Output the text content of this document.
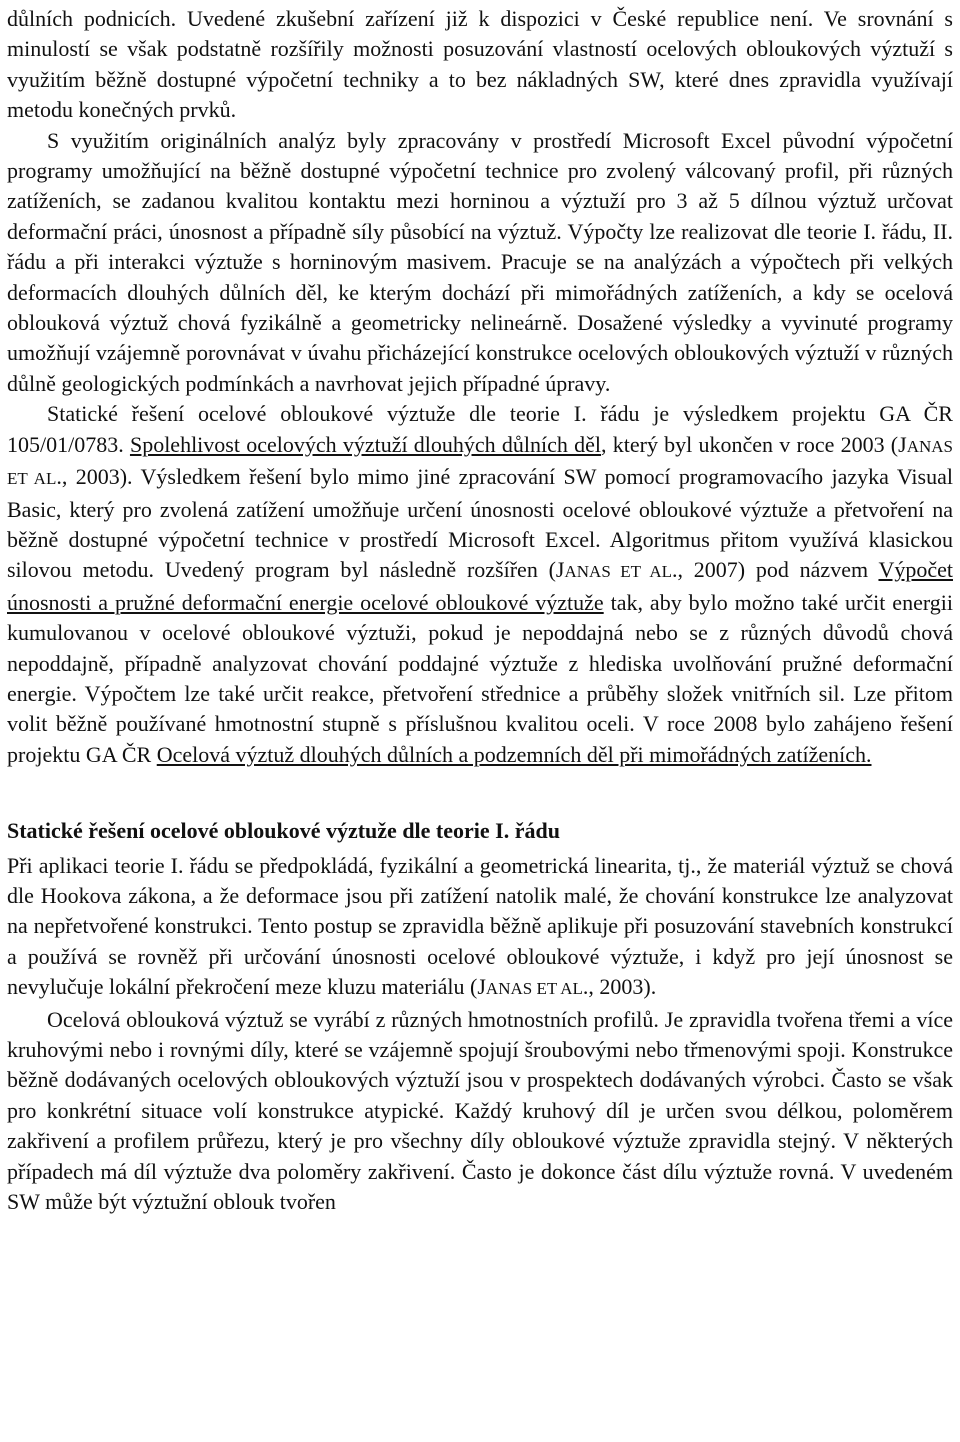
důlních podnicích. Uvedené zkušební zařízení již k dispozici v České republice není. Ve srovnání s minulostí se však podstatně rozšířily možnosti posuzování vlastností ocelových obloukových výztuží s využitím běžně dostupné výpočetní techniky a to bez nákladných SW, které dnes zpravidla využívají metodu konečných prvků.

S využitím originálních analýz byly zpracovány v prostředí Microsoft Excel původní výpočetní programy umožňující na běžně dostupné výpočetní technice pro zvolený válcovaný profil, při různých zatíženích, se zadanou kvalitou kontaktu mezi horninou a výztuží pro 3 až 5 dílnou výztuž určovat deformační práci, únosnost a případně síly působící na výztuž. Výpočty lze realizovat dle teorie I. řádu, II. řádu a při interakci výztuže s horninovým masivem. Pracuje se na analýzách a výpočtech při velkých deformacích dlouhých důlních děl, ke kterým dochází při mimořádných zatíženích, a kdy se ocelová oblouková výztuž chová fyzikálně a geometricky nelineárně. Dosažené výsledky a vyvinuté programy umožňují vzájemně porovnávat v úvahu přicházející konstrukce ocelových obloukových výztuží v různých důlně geologických podmínkách a navrhovat jejich případné úpravy.

Statické řešení ocelové obloukové výztuže dle teorie I. řádu je výsledkem projektu GA ČR 105/01/0783. Spolehlivost ocelových výztuží dlouhých důlních děl, který byl ukončen v roce 2003 (JANAS ET AL., 2003). Výsledkem řešení bylo mimo jiné zpracování SW pomocí programovacího jazyka Visual Basic, který pro zvolená zatížení umožňuje určení únosnosti ocelové obloukové výztuže a přetvoření na běžně dostupné výpočetní technice v prostředí Microsoft Excel. Algoritmus přitom využívá klasickou silovou metodu. Uvedený program byl následně rozšířen (JANAS ET AL., 2007) pod názvem Výpočet únosnosti a pružné deformační energie ocelové obloukové výztuže tak, aby bylo možno také určit energii kumulovanou v ocelové obloukové výztuži, pokud je nepoddajná nebo se z různých důvodů chová nepoddajně, případně analyzovat chování poddajné výztuže z hlediska uvolňování pružné deformační energie. Výpočtem lze také určit reakce, přetvoření střednice a průběhy složek vnitřních sil. Lze přitom volit běžně používané hmotnostní stupně s příslušnou kvalitou oceli. V roce 2008 bylo zahájeno řešení projektu GA ČR Ocelová výztuž dlouhých důlních a podzemních děl při mimořádných zatíženích.

Statické řešení ocelové obloukové výztuže dle teorie I. řádu

Při aplikaci teorie I. řádu se předpokládá, fyzikální a geometrická linearita, tj., že materiál výztuž se chová dle Hookova zákona, a že deformace jsou při zatížení natolik malé, že chování konstrukce lze analyzovat na nepřetvořené konstrukci. Tento postup se zpravidla běžně aplikuje při posuzování stavebních konstrukcí a používá se rovněž při určování únosnosti ocelové obloukové výztuže, i když pro její únosnost se nevylučuje lokální překročení meze kluzu materiálu (JANAS ET AL., 2003).

Ocelová oblouková výztuž se vyrábí z různých hmotnostních profilů. Je zpravidla tvořena třemi a více kruhovými nebo i rovnými díly, které se vzájemně spojují šroubovými nebo třmenovými spoji. Konstrukce běžně dodávaných ocelových obloukových výztuží jsou v prospektech dodávaných výrobci. Často se však pro konkrétní situace volí konstrukce atypické. Každý kruhový díl je určen svou délkou, poloměrem zakřivení a profilem průřezu, který je pro všechny díly obloukové výztuže zpravidla stejný. V některých případech má díl výztuže dva poloměry zakřivení. Často je dokonce část dílu výztuže rovná. V uvedeném SW může být výztužní oblouk tvořen
